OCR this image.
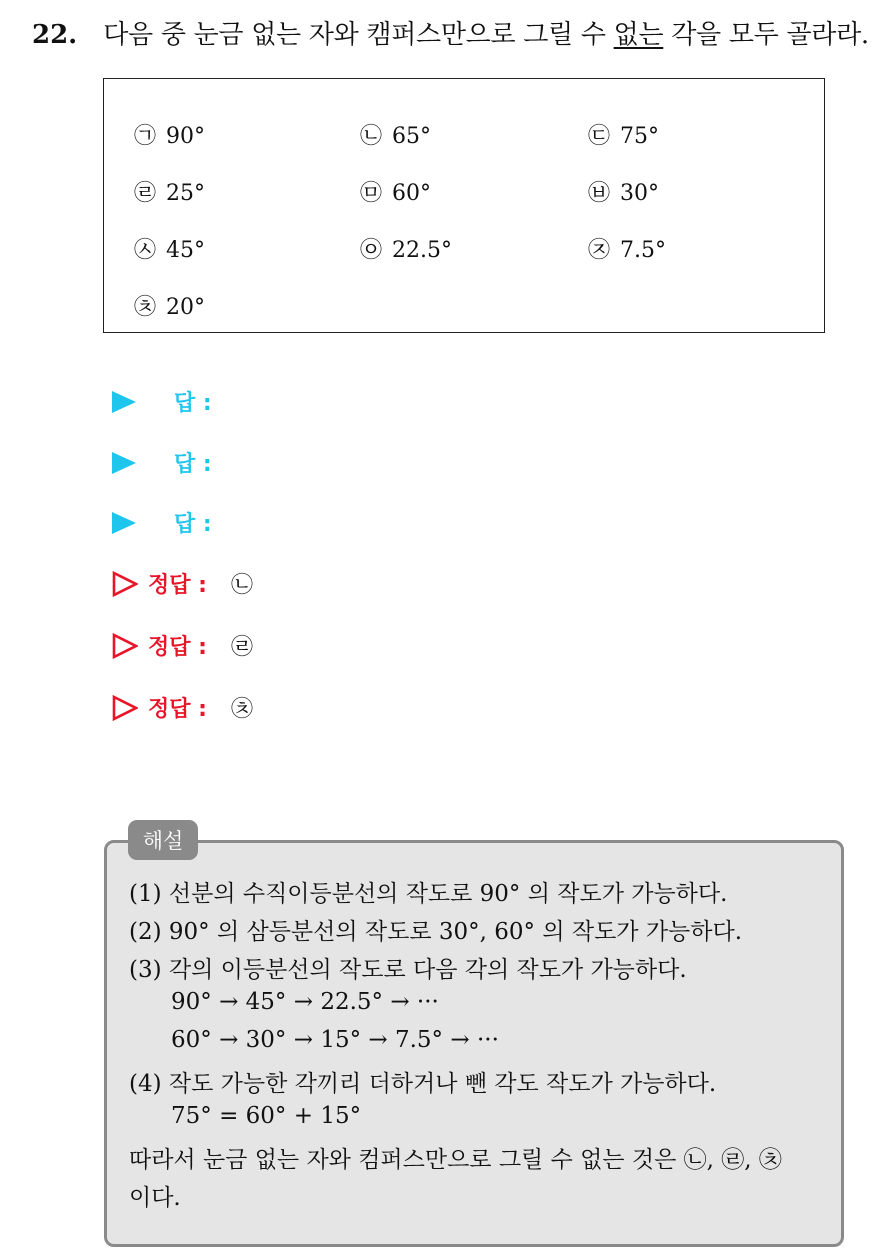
22. 다음 중 눈금 없는 자와 캠퍼스만으로 그릴 수 없는 각을 모두 골라라.
㉠ 90°	㉡ 65°	㉢ 75°
㉣ 25°	㉤ 60°	㉥ 30°
㉦ 45°	㉧ 22.5°	㉨ 7.5°
㉩ 20°
답 :
답 :
답 :
정답 : ㉡
정답 : ㉣
정답 : ㉩
해설
(1) 선분의 수직이등분선의 작도로 90° 의 작도가 가능하다.
(2) 90° 의 삼등분선의 작도로 30°, 60° 의 작도가 가능하다.
(3) 각의 이등분선의 작도로 다음 각의 작도가 가능하다.
90° → 45° → 22.5° → ···
60° → 30° → 15° → 7.5° → ···
(4) 작도 가능한 각끼리 더하거나 뺀 각도 작도가 가능하다.
75° = 60° + 15°
따라서 눈금 없는 자와 컴퍼스만으로 그릴 수 없는 것은 ㉡, ㉣, ㉩
이다.
